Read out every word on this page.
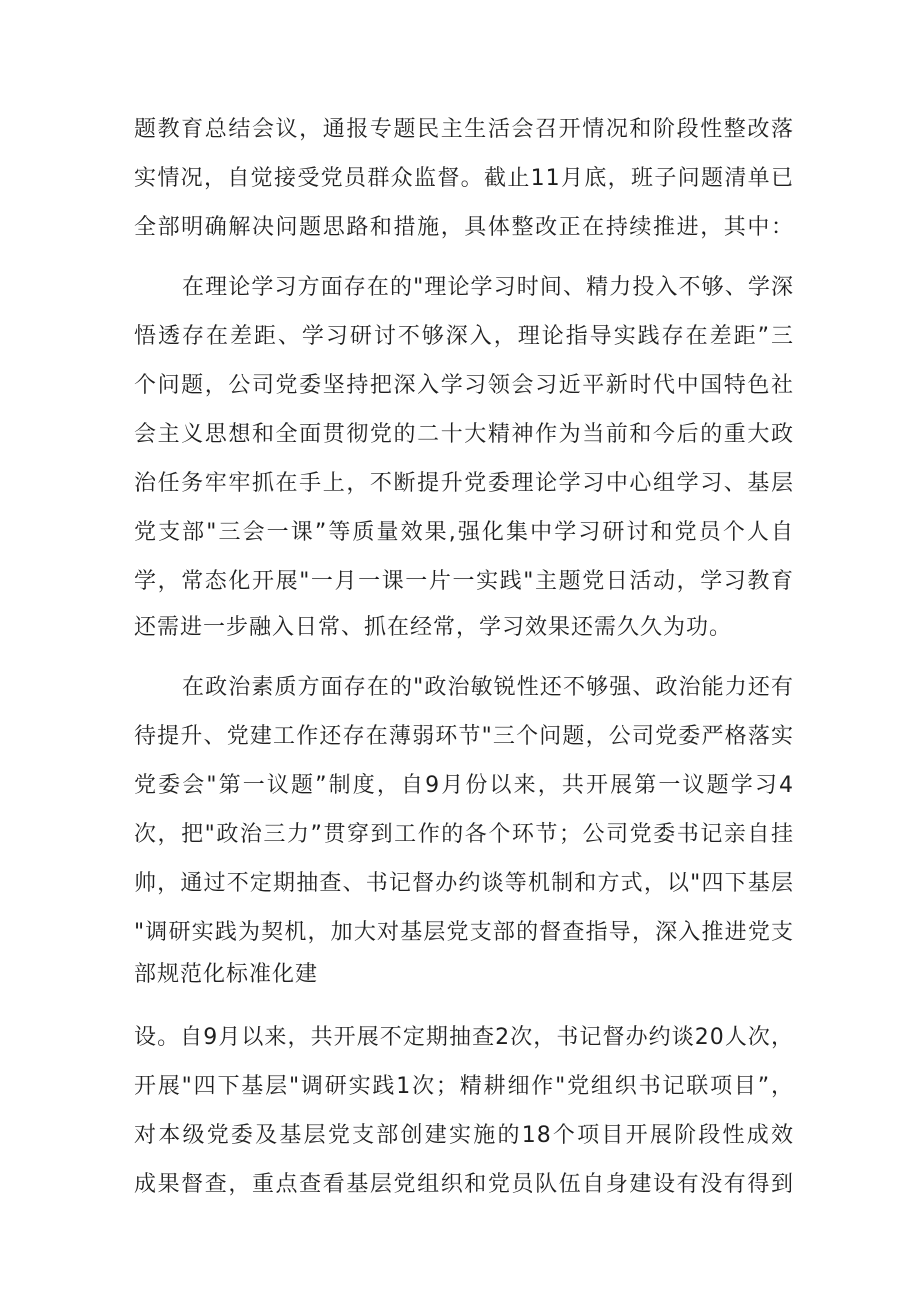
题教育总结会议，通报专题民主生活会召开情况和阶段性整改落
实情况，自觉接受党员群众监督。截止11月底，班子问题清单已
全部明确解决问题思路和措施，具体整改正在持续推进，其中：
在理论学习方面存在的"理论学习时间、精力投入不够、学深
悟透存在差距、学习研讨不够深入，理论指导实践存在差距”三
个问题，公司党委坚持把深入学习领会习近平新时代中国特色社
会主义思想和全面贯彻党的二十大精神作为当前和今后的重大政
治任务牢牢抓在手上，不断提升党委理论学习中心组学习、基层
党支部"三会一课”等质量效果,强化集中学习研讨和党员个人自
学，常态化开展"一月一课一片一实践"主题党日活动，学习教育
还需进一步融入日常、抓在经常，学习效果还需久久为功。
在政治素质方面存在的"政治敏锐性还不够强、政治能力还有
待提升、党建工作还存在薄弱环节"三个问题，公司党委严格落实
党委会"第一议题”制度，自9月份以来，共开展第一议题学习4
次，把"政治三力”贯穿到工作的各个环节；公司党委书记亲自挂
帅，通过不定期抽查、书记督办约谈等机制和方式，以"四下基层
"调研实践为契机，加大对基层党支部的督查指导，深入推进党支
部规范化标准化建
设。自9月以来，共开展不定期抽查2次，书记督办约谈20人次，
开展"四下基层"调研实践1次；精耕细作"党组织书记联项目”，
对本级党委及基层党支部创建实施的18个项目开展阶段性成效
成果督查，重点查看基层党组织和党员队伍自身建设有没有得到
